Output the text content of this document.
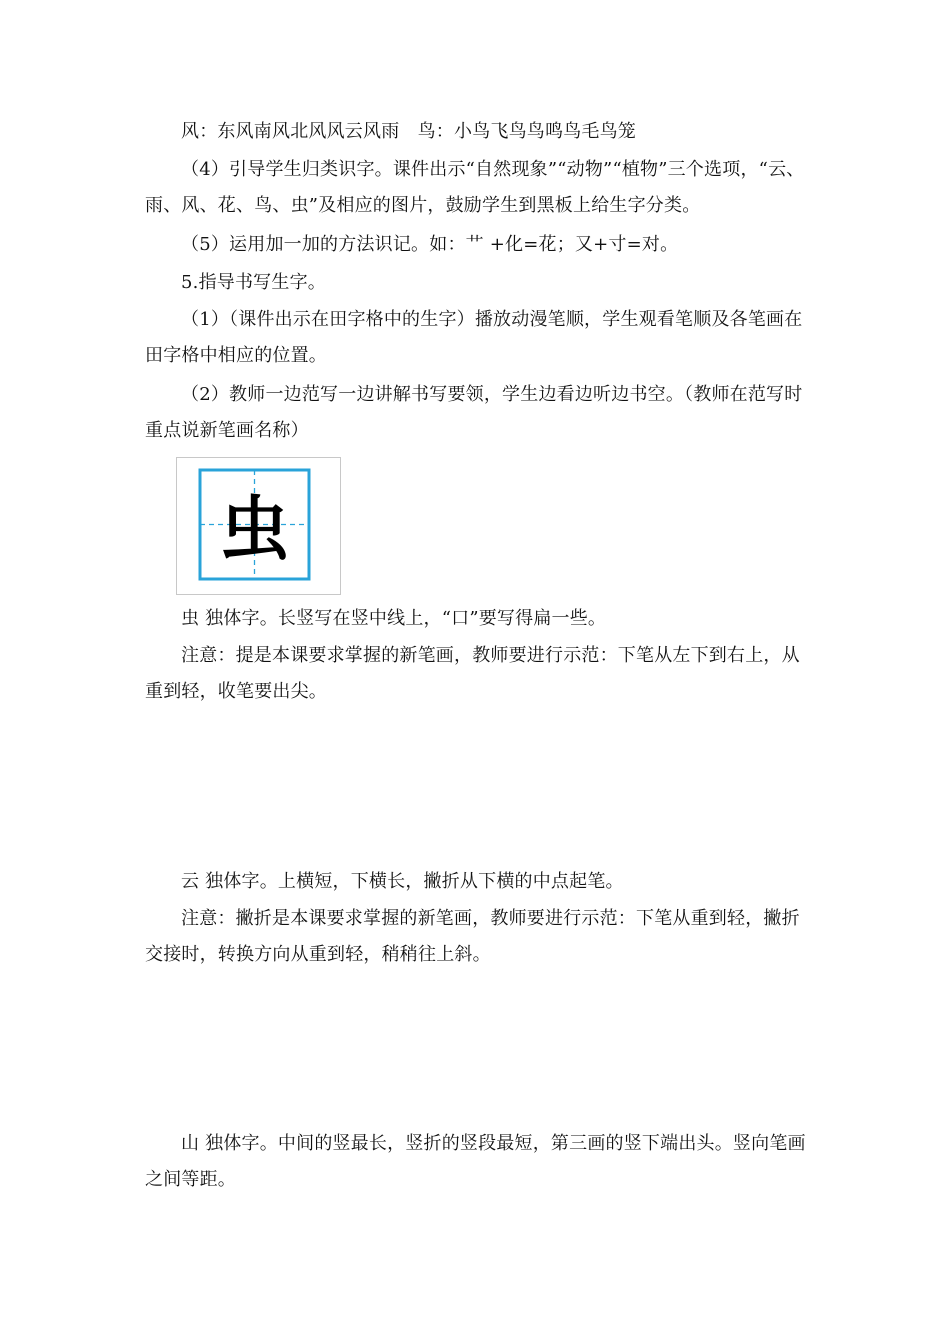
风：东风南风北风风云风雨　鸟：小鸟飞鸟鸟鸣鸟毛鸟笼
（4）引导学生归类识字。课件出示“自然现象”“动物”“植物”三个选项，“云、雨、风、花、鸟、虫”及相应的图片，鼓励学生到黑板上给生字分类。
（5）运用加一加的方法识记。如：艹 +化=花；又+寸=对。
5.指导书写生字。
（1）（课件出示在田字格中的生字）播放动漫笔顺，学生观看笔顺及各笔画在田字格中相应的位置。
（2）教师一边范写一边讲解书写要领，学生边看边听边书空。（教师在范写时重点说新笔画名称）
虫
虫 独体字。长竖写在竖中线上，“口”要写得扁一些。
注意：提是本课要求掌握的新笔画，教师要进行示范：下笔从左下到右上，从重到轻，收笔要出尖。
云 独体字。上横短，下横长，撇折从下横的中点起笔。
注意：撇折是本课要求掌握的新笔画，教师要进行示范：下笔从重到轻，撇折交接时，转换方向从重到轻，稍稍往上斜。
山 独体字。中间的竖最长，竖折的竖段最短，第三画的竖下端出头。竖向笔画之间等距。
